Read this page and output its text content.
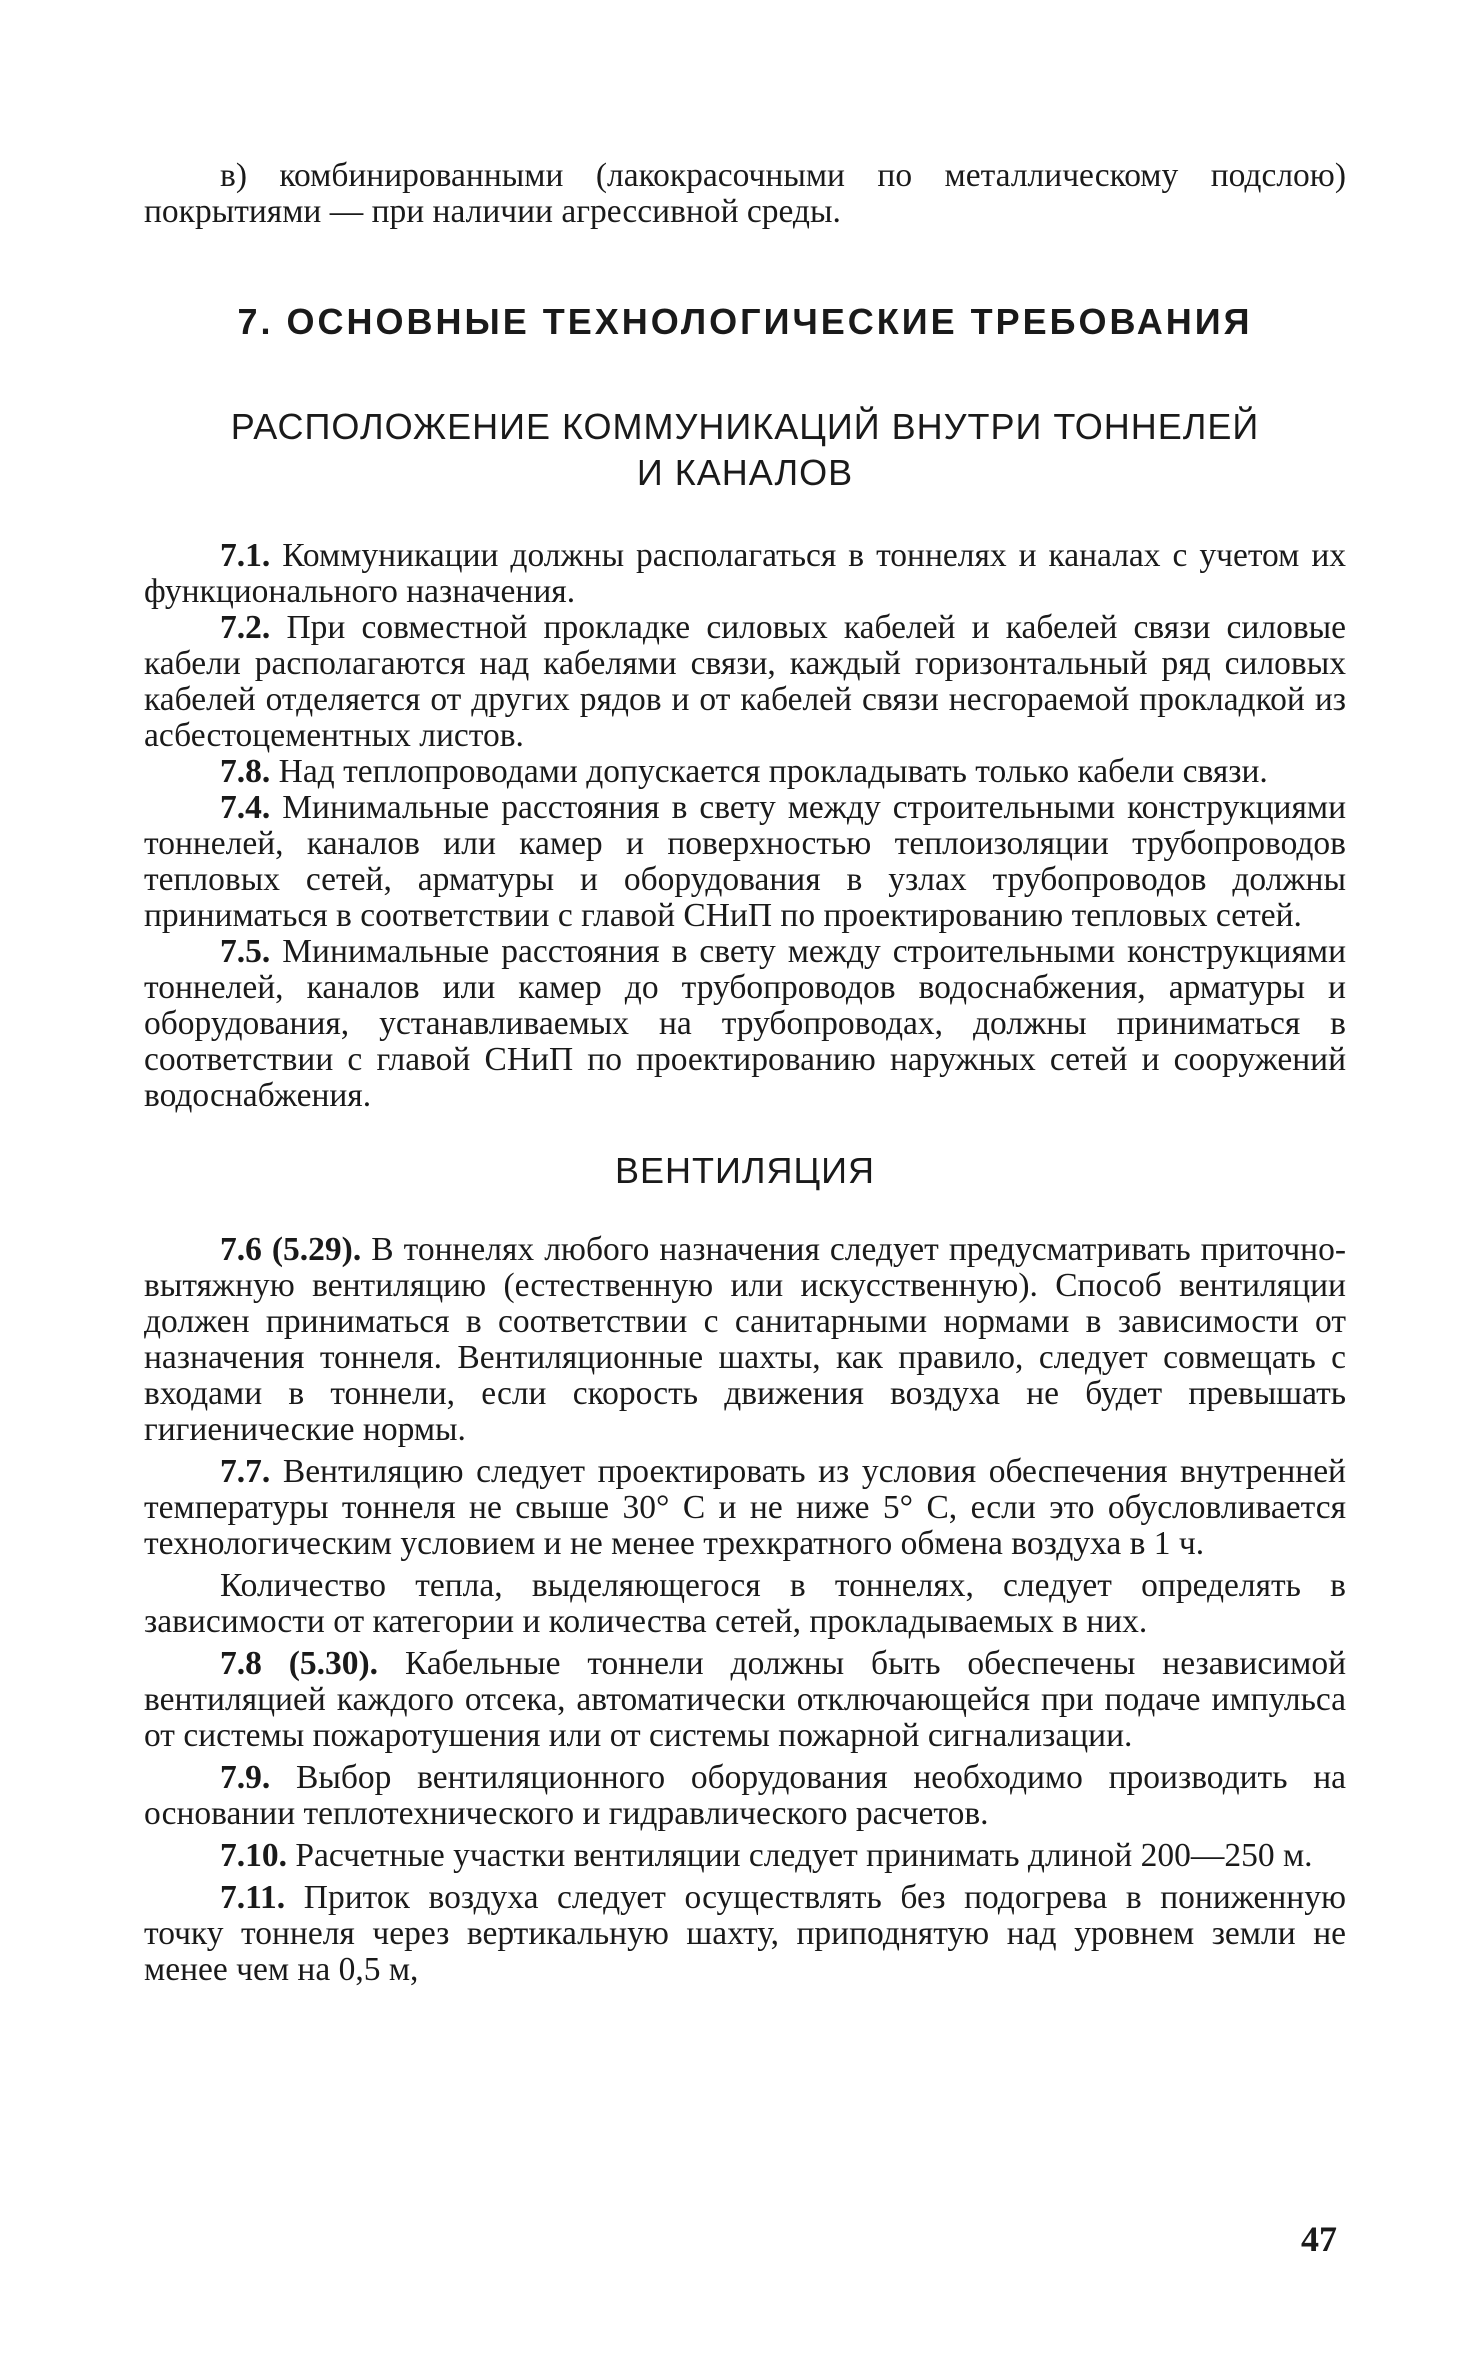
в) комбинированными (лакокрасочными по металлическому подслою) покрытиями — при наличии агрессивной среды.

7. ОСНОВНЫЕ ТЕХНОЛОГИЧЕСКИЕ ТРЕБОВАНИЯ
РАСПОЛОЖЕНИЕ КОММУНИКАЦИЙ ВНУТРИ ТОННЕЛЕЙ
И КАНАЛОВ

7.1. Коммуникации должны располагаться в тоннелях и каналах с учетом их функционального назначения.

7.2. При совместной прокладке силовых кабелей и кабелей связи силовые кабели располагаются над кабелями связи, каждый горизонтальный ряд силовых кабелей отделяется от других рядов и от кабелей связи несгораемой прокладкой из асбестоцементных листов.

7.8. Над теплопроводами допускается прокладывать только кабели связи.

7.4. Минимальные расстояния в свету между строительными конструкциями тоннелей, каналов или камер и поверхностью теплоизоляции трубопроводов тепловых сетей, арматуры и оборудования в узлах трубопроводов должны приниматься в соответствии с главой СНиП по проектированию тепловых сетей.

7.5. Минимальные расстояния в свету между строительными конструкциями тоннелей, каналов или камер до трубопроводов водоснабжения, арматуры и оборудования, устанавливаемых на трубопроводах, должны приниматься в соответствии с главой СНиП по проектированию наружных сетей и сооружений водоснабжения.

ВЕНТИЛЯЦИЯ

7.6 (5.29). В тоннелях любого назначения следует предусматривать приточно-вытяжную вентиляцию (естественную или искусственную). Способ вентиляции должен приниматься в соответствии с санитарными нормами в зависимости от назначения тоннеля. Вентиляционные шахты, как правило, следует совмещать с входами в тоннели, если скорость движения воздуха не будет превышать гигиенические нормы.

7.7. Вентиляцию следует проектировать из условия обеспечения внутренней температуры тоннеля не свыше 30° С и не ниже 5° С, если это обусловливается технологическим условием и не менее трехкратного обмена воздуха в 1 ч.

Количество тепла, выделяющегося в тоннелях, следует определять в зависимости от категории и количества сетей, прокладываемых в них.

7.8 (5.30). Кабельные тоннели должны быть обеспечены независимой вентиляцией каждого отсека, автоматически отключающейся при подаче импульса от системы пожаротушения или от системы пожарной сигнализации.

7.9. Выбор вентиляционного оборудования необходимо производить на основании теплотехнического и гидравлического расчетов.

7.10. Расчетные участки вентиляции следует принимать длиной 200—250 м.

7.11. Приток воздуха следует осуществлять без подогрева в пониженную точку тоннеля через вертикальную шахту, приподнятую над уровнем земли не менее чем на 0,5 м,

47
